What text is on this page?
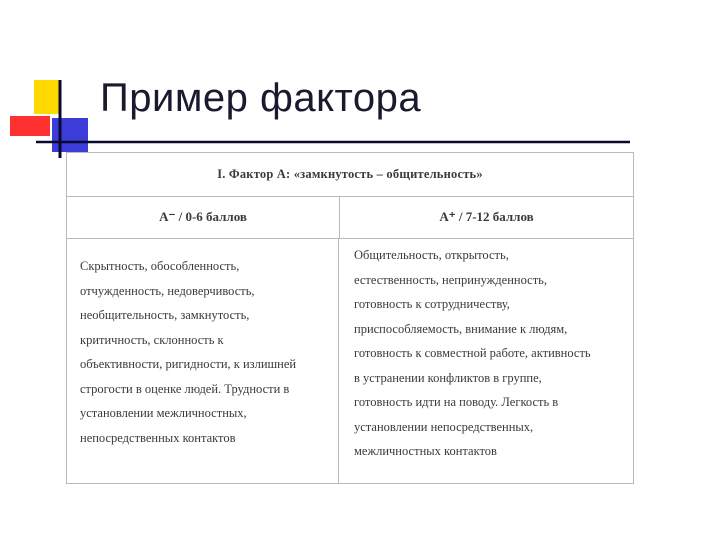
Пример фактора
I. Фактор А: «замкнутость – общительность»
А⁻ / 0-6 баллов	А⁺ / 7-12 баллов
Скрытность, обособленность,
отчужденность, недоверчивость,
необщительность, замкнутость,
критичность, склонность к
объективности, ригидности, к излишней
строгости в оценке людей. Трудности в
установлении межличностных,
непосредственных контактов
Общительность, открытость,
естественность, непринужденность,
готовность к сотрудничеству,
приспособляемость, внимание к людям,
готовность к совместной работе, активность
в устранении конфликтов в группе,
готовность идти на поводу. Легкость в
установлении непосредственных,
межличностных контактов
